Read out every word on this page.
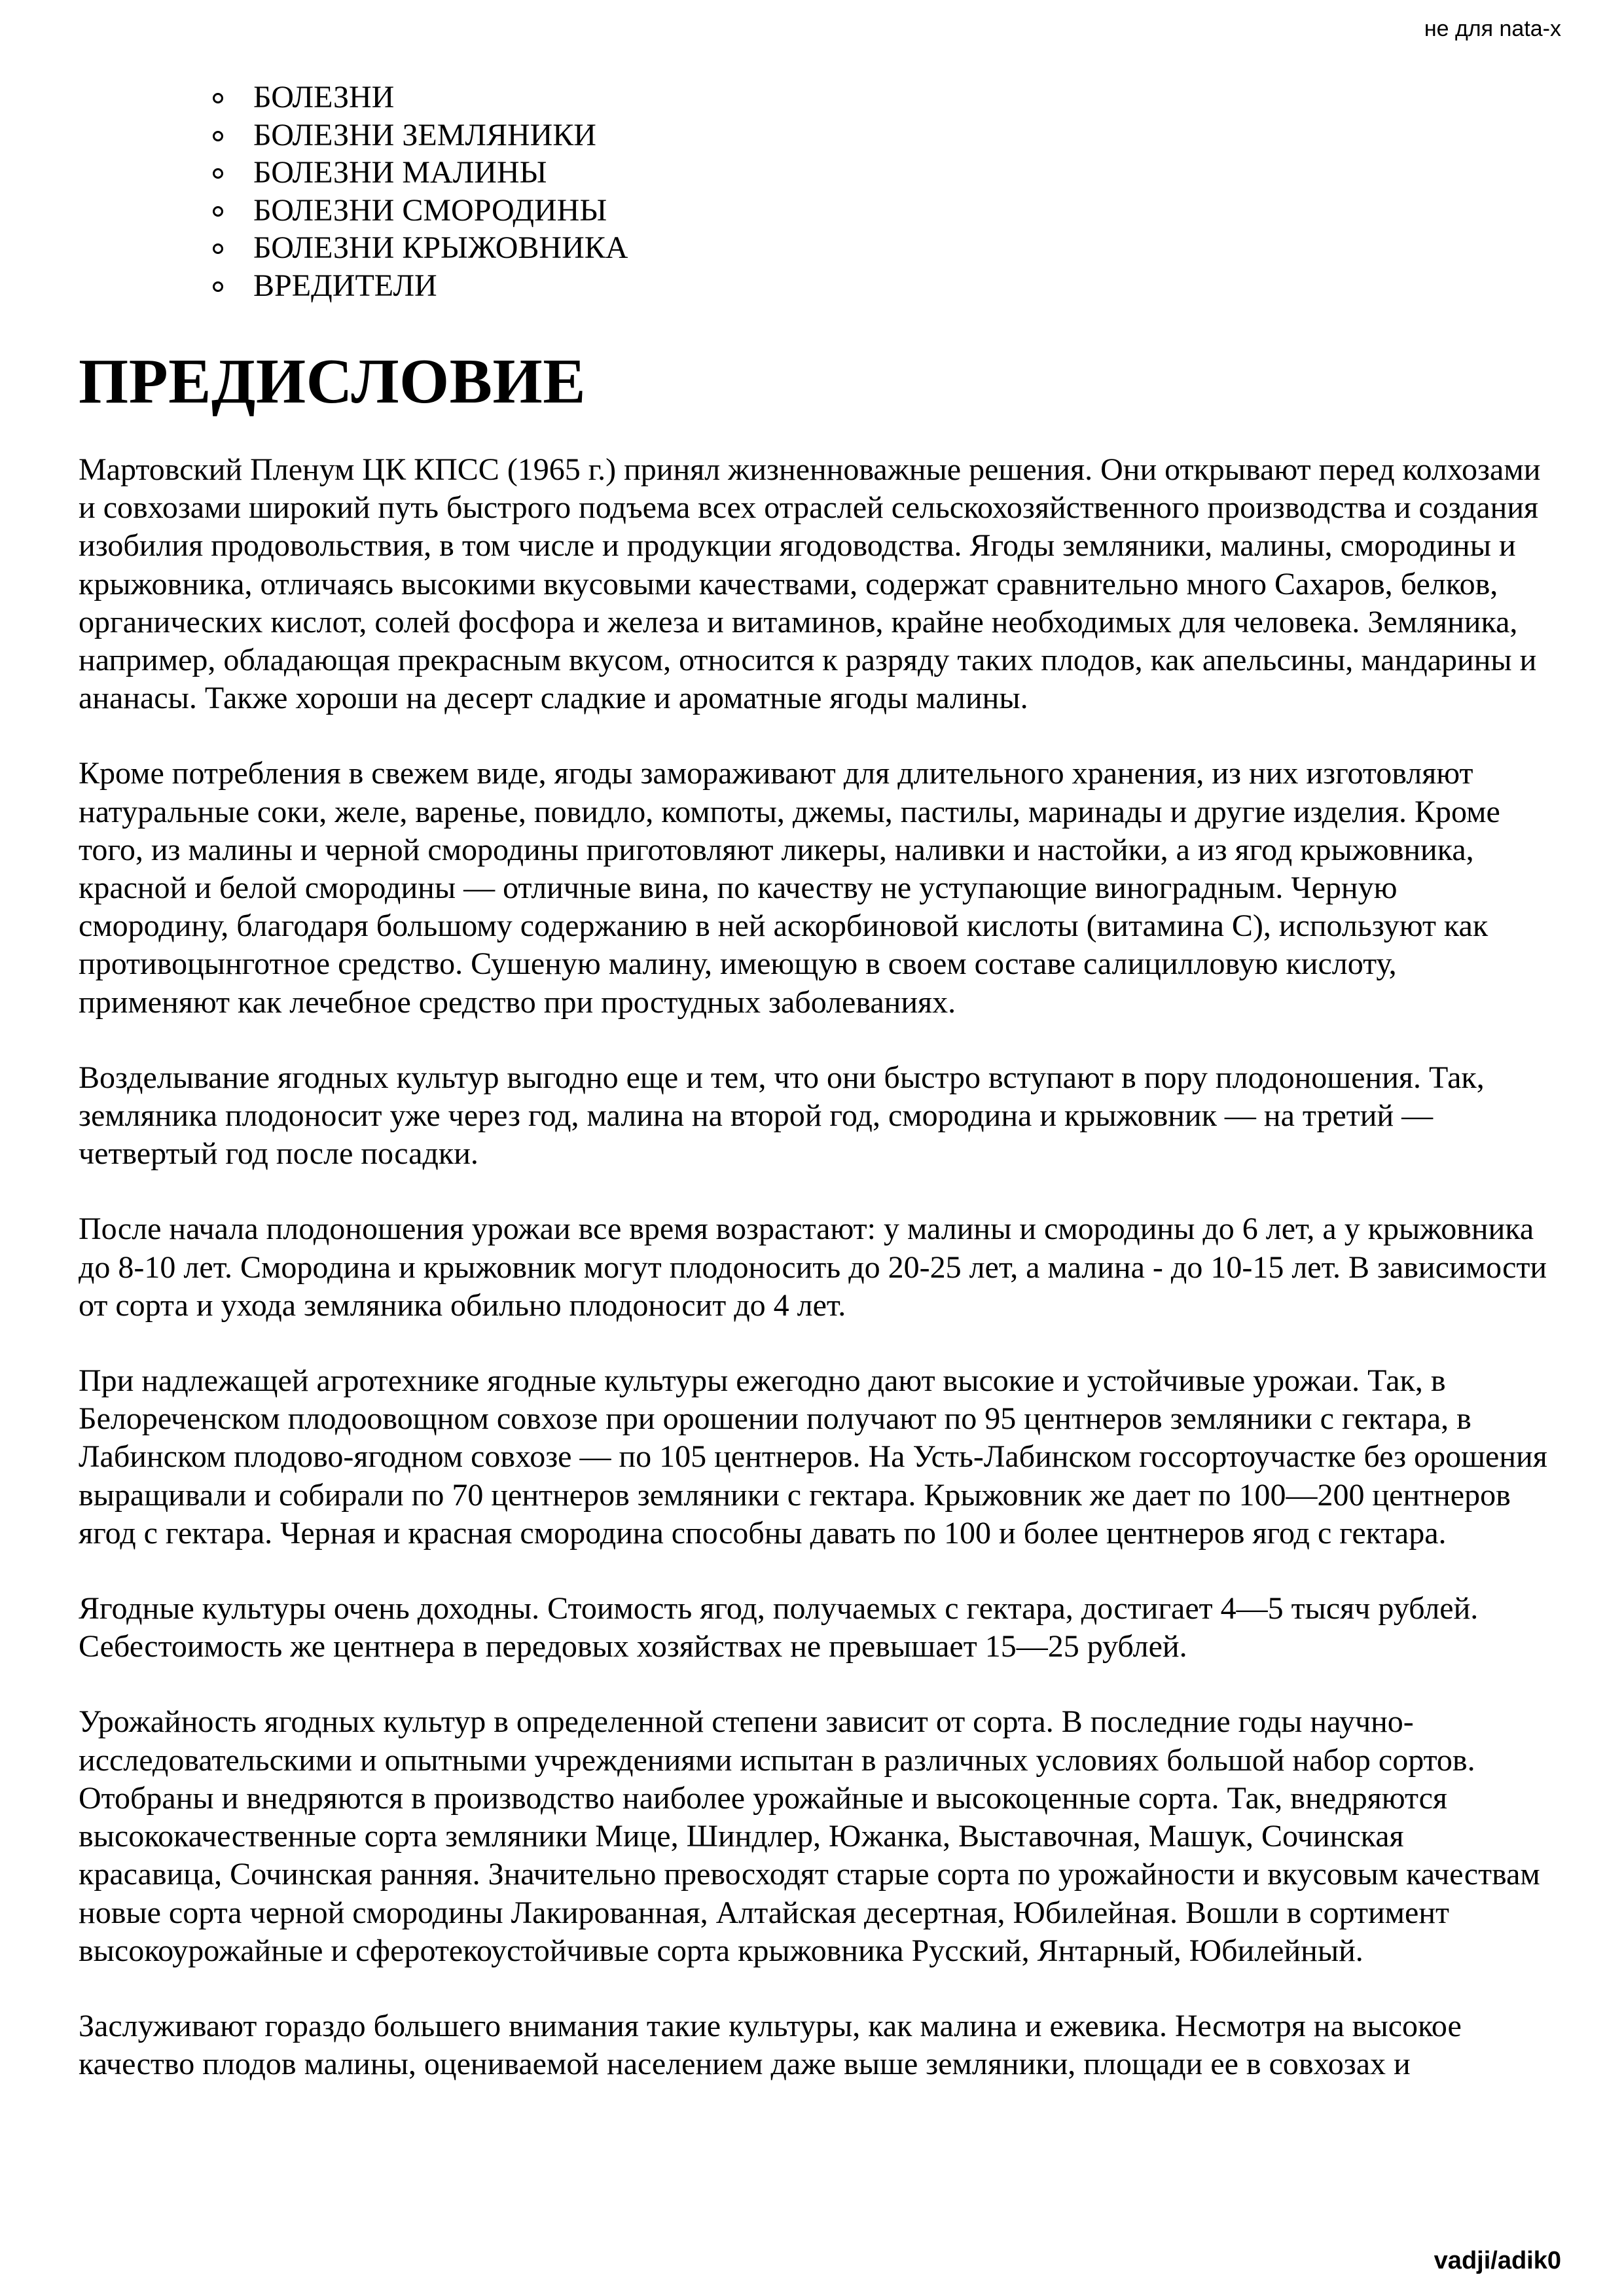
не для nata-x
БОЛЕЗНИ
БОЛЕЗНИ ЗЕМЛЯНИКИ
БОЛЕЗНИ МАЛИНЫ
БОЛЕЗНИ СМОРОДИНЫ
БОЛЕЗНИ КРЫЖОВНИКА
ВРЕДИТЕЛИ
ПРЕДИСЛОВИЕ

Мартовский Пленум ЦК КПСС (1965 г.) принял жизненноважные решения. Они открывают перед колхозами и совхозами широкий путь быстрого подъема всех отраслей сельскохозяйственного производства и создания изобилия продовольствия, в том числе и продукции ягодоводства. Ягоды земляники, малины, смородины и крыжовника, отличаясь высокими вкусовыми качествами, содержат сравнительно много Сахаров, белков, органических кислот, солей фосфора и железа и витаминов, крайне необходимых для человека. Земляника, например, обладающая прекрасным вкусом, относится к разряду таких плодов, как апельсины, мандарины и ананасы. Также хороши на десерт сладкие и ароматные ягоды малины.

Кроме потребления в свежем виде, ягоды замораживают для длительного хранения, из них изготовляют натуральные соки, желе, варенье, повидло, компоты, джемы, пастилы, маринады и другие изделия. Кроме того, из малины и черной смородины приготовляют ликеры, наливки и настойки, а из ягод крыжовника, красной и белой смородины — отличные вина, по качеству не уступающие виноградным. Черную смородину, благодаря большому содержанию в ней аскорбиновой кислоты (витамина С), используют как противоцынготное средство. Сушеную малину, имеющую в своем составе салицилловую кислоту, применяют как лечебное средство при простудных заболеваниях.

Возделывание ягодных культур выгодно еще и тем, что они быстро вступают в пору плодоношения. Так, земляника плодоносит уже через год, малина на второй год, смородина и крыжовник — на третий — четвертый год после посадки.

После начала плодоношения урожаи все время возрастают: у малины и смородины до 6 лет, а у крыжовника до 8-10 лет. Смородина и крыжовник могут плодоносить до 20-25 лет, а малина - до 10-15 лет. В зависимости от сорта и ухода земляника обильно плодоносит до 4 лет.

При надлежащей агротехнике ягодные культуры ежегодно дают высокие и устойчивые урожаи. Так, в Белореченском плодоовощном совхозе при орошении получают по 95 центнеров земляники с гектара, в Лабинском плодово-ягодном совхозе — по 105 центнеров. На Усть-Лабинском госсортоучастке без орошения выращивали и собирали по 70 центнеров земляники с гектара. Крыжовник же дает по 100—200 центнеров ягод с гектара. Черная и красная смородина способны давать по 100 и более центнеров ягод с гектара.

Ягодные культуры очень доходны. Стоимость ягод, получаемых с гектара, достигает 4—5 тысяч рублей. Себестоимость же центнера в передовых хозяйствах не превышает 15—25 рублей.

Урожайность ягодных культур в определенной степени зависит от сорта. В последние годы научно-исследовательскими и опытными учреждениями испытан в различных условиях большой набор сортов. Отобраны и внедряются в производство наиболее урожайные и высокоценные сорта. Так, внедряются высококачественные сорта земляники Мице, Шиндлер, Южанка, Выставочная, Машук, Сочинская красавица, Сочинская ранняя. Значительно превосходят старые сорта по урожайности и вкусовым качествам новые сорта черной смородины Лакированная, Алтайская десертная, Юбилейная. Вошли в сортимент высокоурожайные и сферотекоустойчивые сорта крыжовника Русский, Янтарный, Юбилейный.

Заслуживают гораздо большего внимания такие культуры, как малина и ежевика. Несмотря на высокое качество плодов малины, оцениваемой населением даже выше земляники, площади ее в совхозах и

vadji/adik0
